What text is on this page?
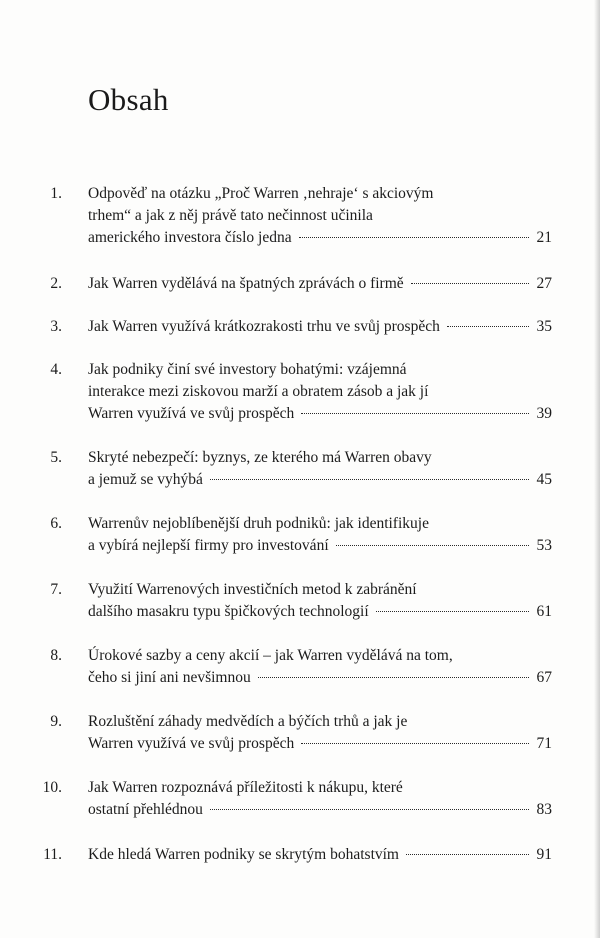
Obsah
1. Odpověď na otázku „Proč Warren ‚nehraje‘ s akciovým
trhem“ a jak z něj právě tato nečinnost učinila
amerického investora číslo jedna	21
2. Jak Warren vydělává na špatných zprávách o firmě	27
3. Jak Warren využívá krátkozrakosti trhu ve svůj prospěch	35
4. Jak podniky činí své investory bohatými: vzájemná
interakce mezi ziskovou marží a obratem zásob a jak jí
Warren využívá ve svůj prospěch	39
5. Skryté nebezpečí: byznys, ze kterého má Warren obavy
a jemuž se vyhýbá	45
6. Warrenův nejoblíbenější druh podniků: jak identifikuje
a vybírá nejlepší firmy pro investování	53
7. Využití Warrenových investičních metod k zabránění
dalšího masakru typu špičkových technologií	61
8. Úrokové sazby a ceny akcií – jak Warren vydělává na tom,
čeho si jiní ani nevšimnou	67
9. Rozluštění záhady medvědích a býčích trhů a jak je
Warren využívá ve svůj prospěch	71
10. Jak Warren rozpoznává příležitosti k nákupu, které
ostatní přehlédnou	83
11. Kde hledá Warren podniky se skrytým bohatstvím	91
